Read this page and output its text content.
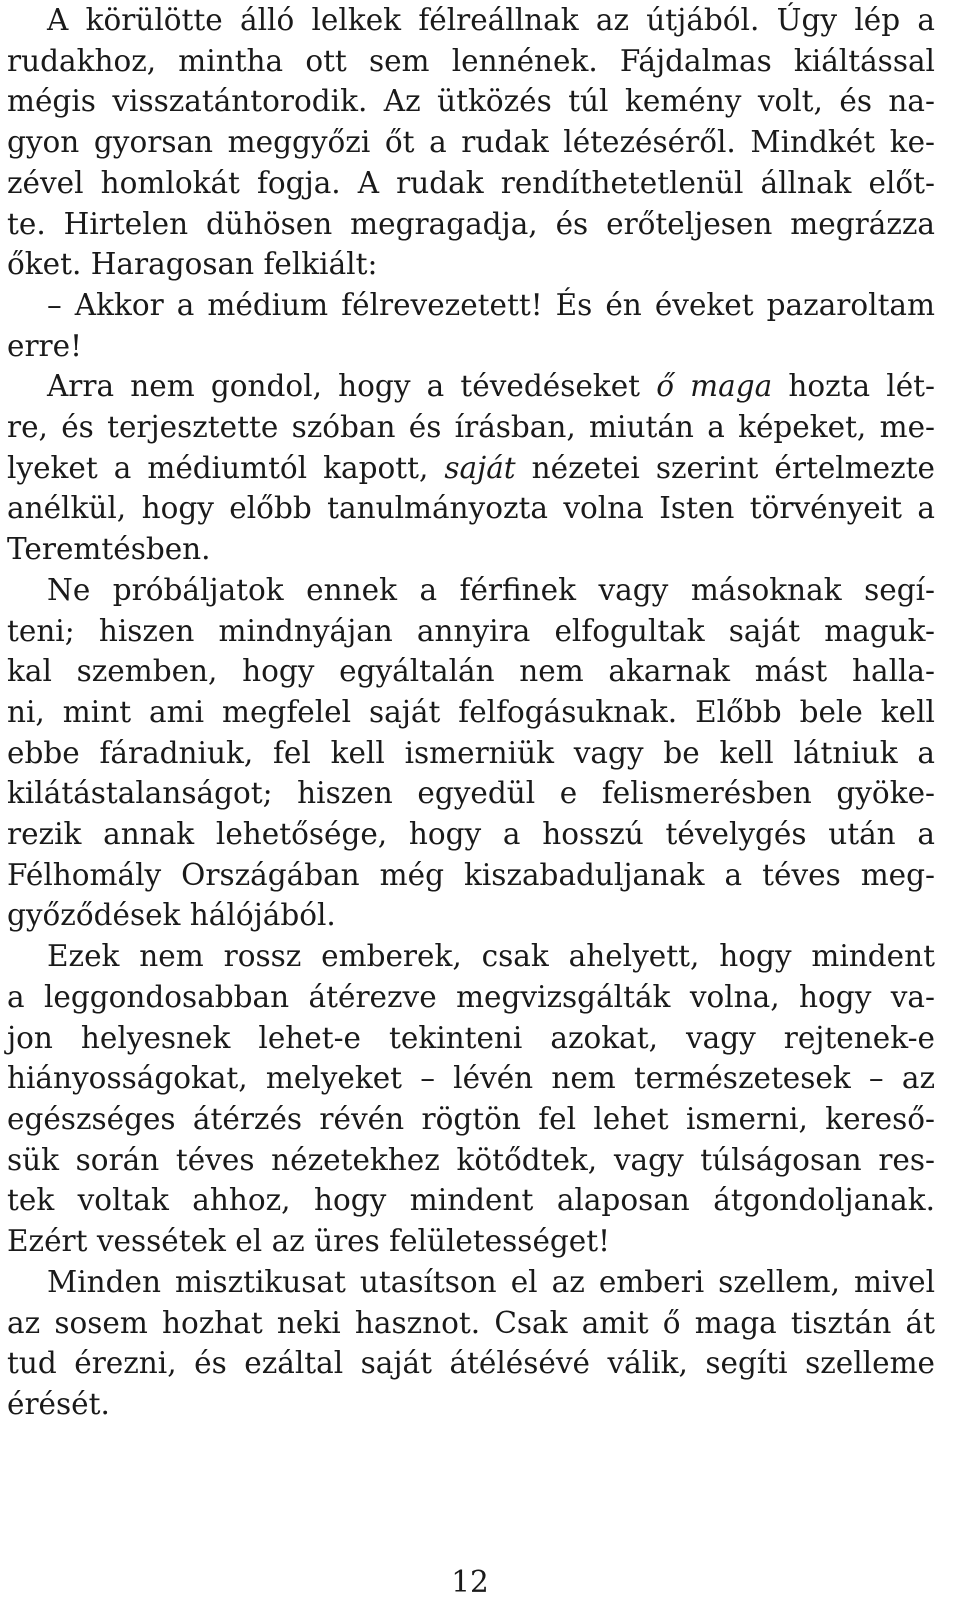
A körülötte álló lelkek félreállnak az útjából. Úgy lép a
rudakhoz, mintha ott sem lennének. Fájdalmas kiáltással
mégis visszatántorodik. Az ütközés túl kemény volt, és na-
gyon gyorsan meggyőzi őt a rudak létezéséről. Mindkét ke-
zével homlokát fogja. A rudak rendíthetetlenül állnak előt-
te. Hirtelen dühösen megragadja, és erőteljesen megrázza
őket. Haragosan felkiált:
– Akkor a médium félrevezetett! És én éveket pazaroltam
erre!
Arra nem gondol, hogy a tévedéseket ő maga hozta lét-
re, és terjesztette szóban és írásban, miután a képeket, me-
lyeket a médiumtól kapott, saját nézetei szerint értelmezte
anélkül, hogy előbb tanulmányozta volna Isten törvényeit a
Teremtésben.
Ne próbáljatok ennek a férfinek vagy másoknak segí-
teni; hiszen mindnyájan annyira elfogultak saját maguk-
kal szemben, hogy egyáltalán nem akarnak mást halla-
ni, mint ami megfelel saját felfogásuknak. Előbb bele kell
ebbe fáradniuk, fel kell ismerniük vagy be kell látniuk a
kilátástalanságot; hiszen egyedül e felismerésben gyöke-
rezik annak lehetősége, hogy a hosszú tévelygés után a
Félhomály Országában még kiszabaduljanak a téves meg-
győződések hálójából.
Ezek nem rossz emberek, csak ahelyett, hogy mindent
a leggondosabban átérezve megvizsgálták volna, hogy va-
jon helyesnek lehet-e tekinteni azokat, vagy rejtenek-e
hiányosságokat, melyeket – lévén nem természetesek – az
egészséges átérzés révén rögtön fel lehet ismerni, kereső-
sük során téves nézetekhez kötődtek, vagy túlságosan res-
tek voltak ahhoz, hogy mindent alaposan átgondoljanak.
Ezért vessétek el az üres felületességet!
Minden misztikusat utasítson el az emberi szellem, mivel
az sosem hozhat neki hasznot. Csak amit ő maga tisztán át
tud érezni, és ezáltal saját átélésévé válik, segíti szelleme
érését.
12
